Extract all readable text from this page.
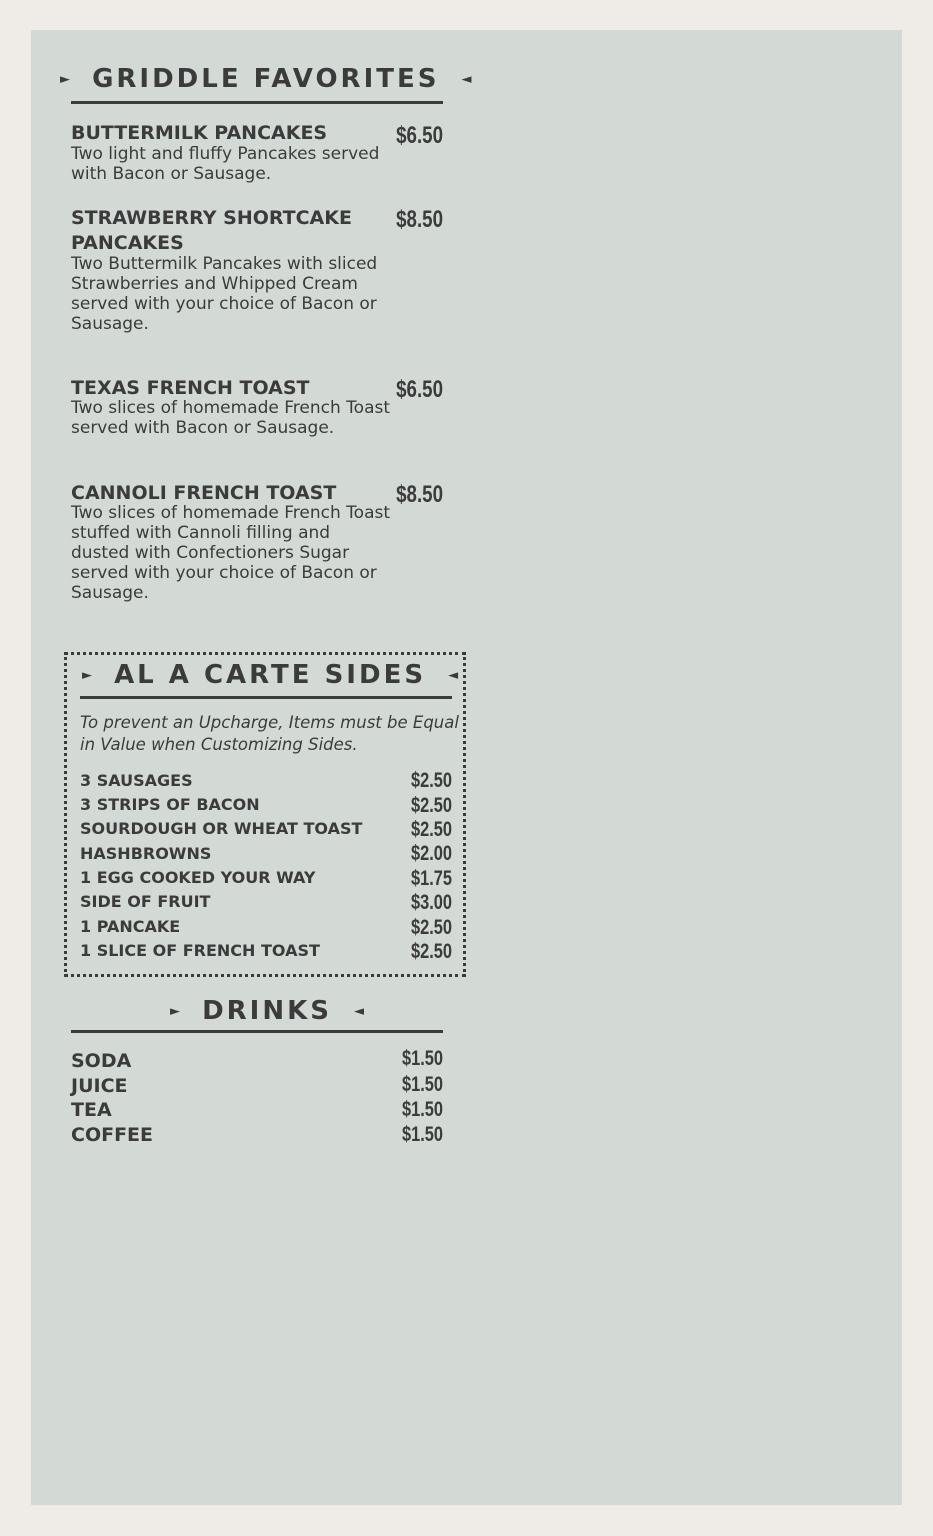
► GRIDDLE FAVORITES ◄
BUTTERMILK PANCAKES	$6.50
Two light and fluffy Pancakes served with Bacon or Sausage.
STRAWBERRY SHORTCAKE PANCAKES
$8.50
Two Buttermilk Pancakes with sliced Strawberries and Whipped Cream served with your choice of Bacon or Sausage.
TEXAS FRENCH TOAST	$6.50
Two slices of homemade French Toast served with Bacon or Sausage.
CANNOLI FRENCH TOAST	$8.50
Two slices of homemade French Toast stuffed with Cannoli filling and dusted with Confectioners Sugar served with your choice of Bacon or Sausage.
► AL A CARTE SIDES ◄
To prevent an Upcharge, Items must be Equal in Value when Customizing Sides.
3 SAUSAGES	$2.50
3 STRIPS OF BACON	$2.50
SOURDOUGH OR WHEAT TOAST	$2.50
HASHBROWNS	$2.00
1 EGG COOKED YOUR WAY	$1.75
SIDE OF FRUIT	$3.00
1 PANCAKE	$2.50
1 SLICE OF FRENCH TOAST	$2.50
► DRINKS ◄
SODA	$1.50
JUICE	$1.50
TEA	$1.50
COFFEE	$1.50
